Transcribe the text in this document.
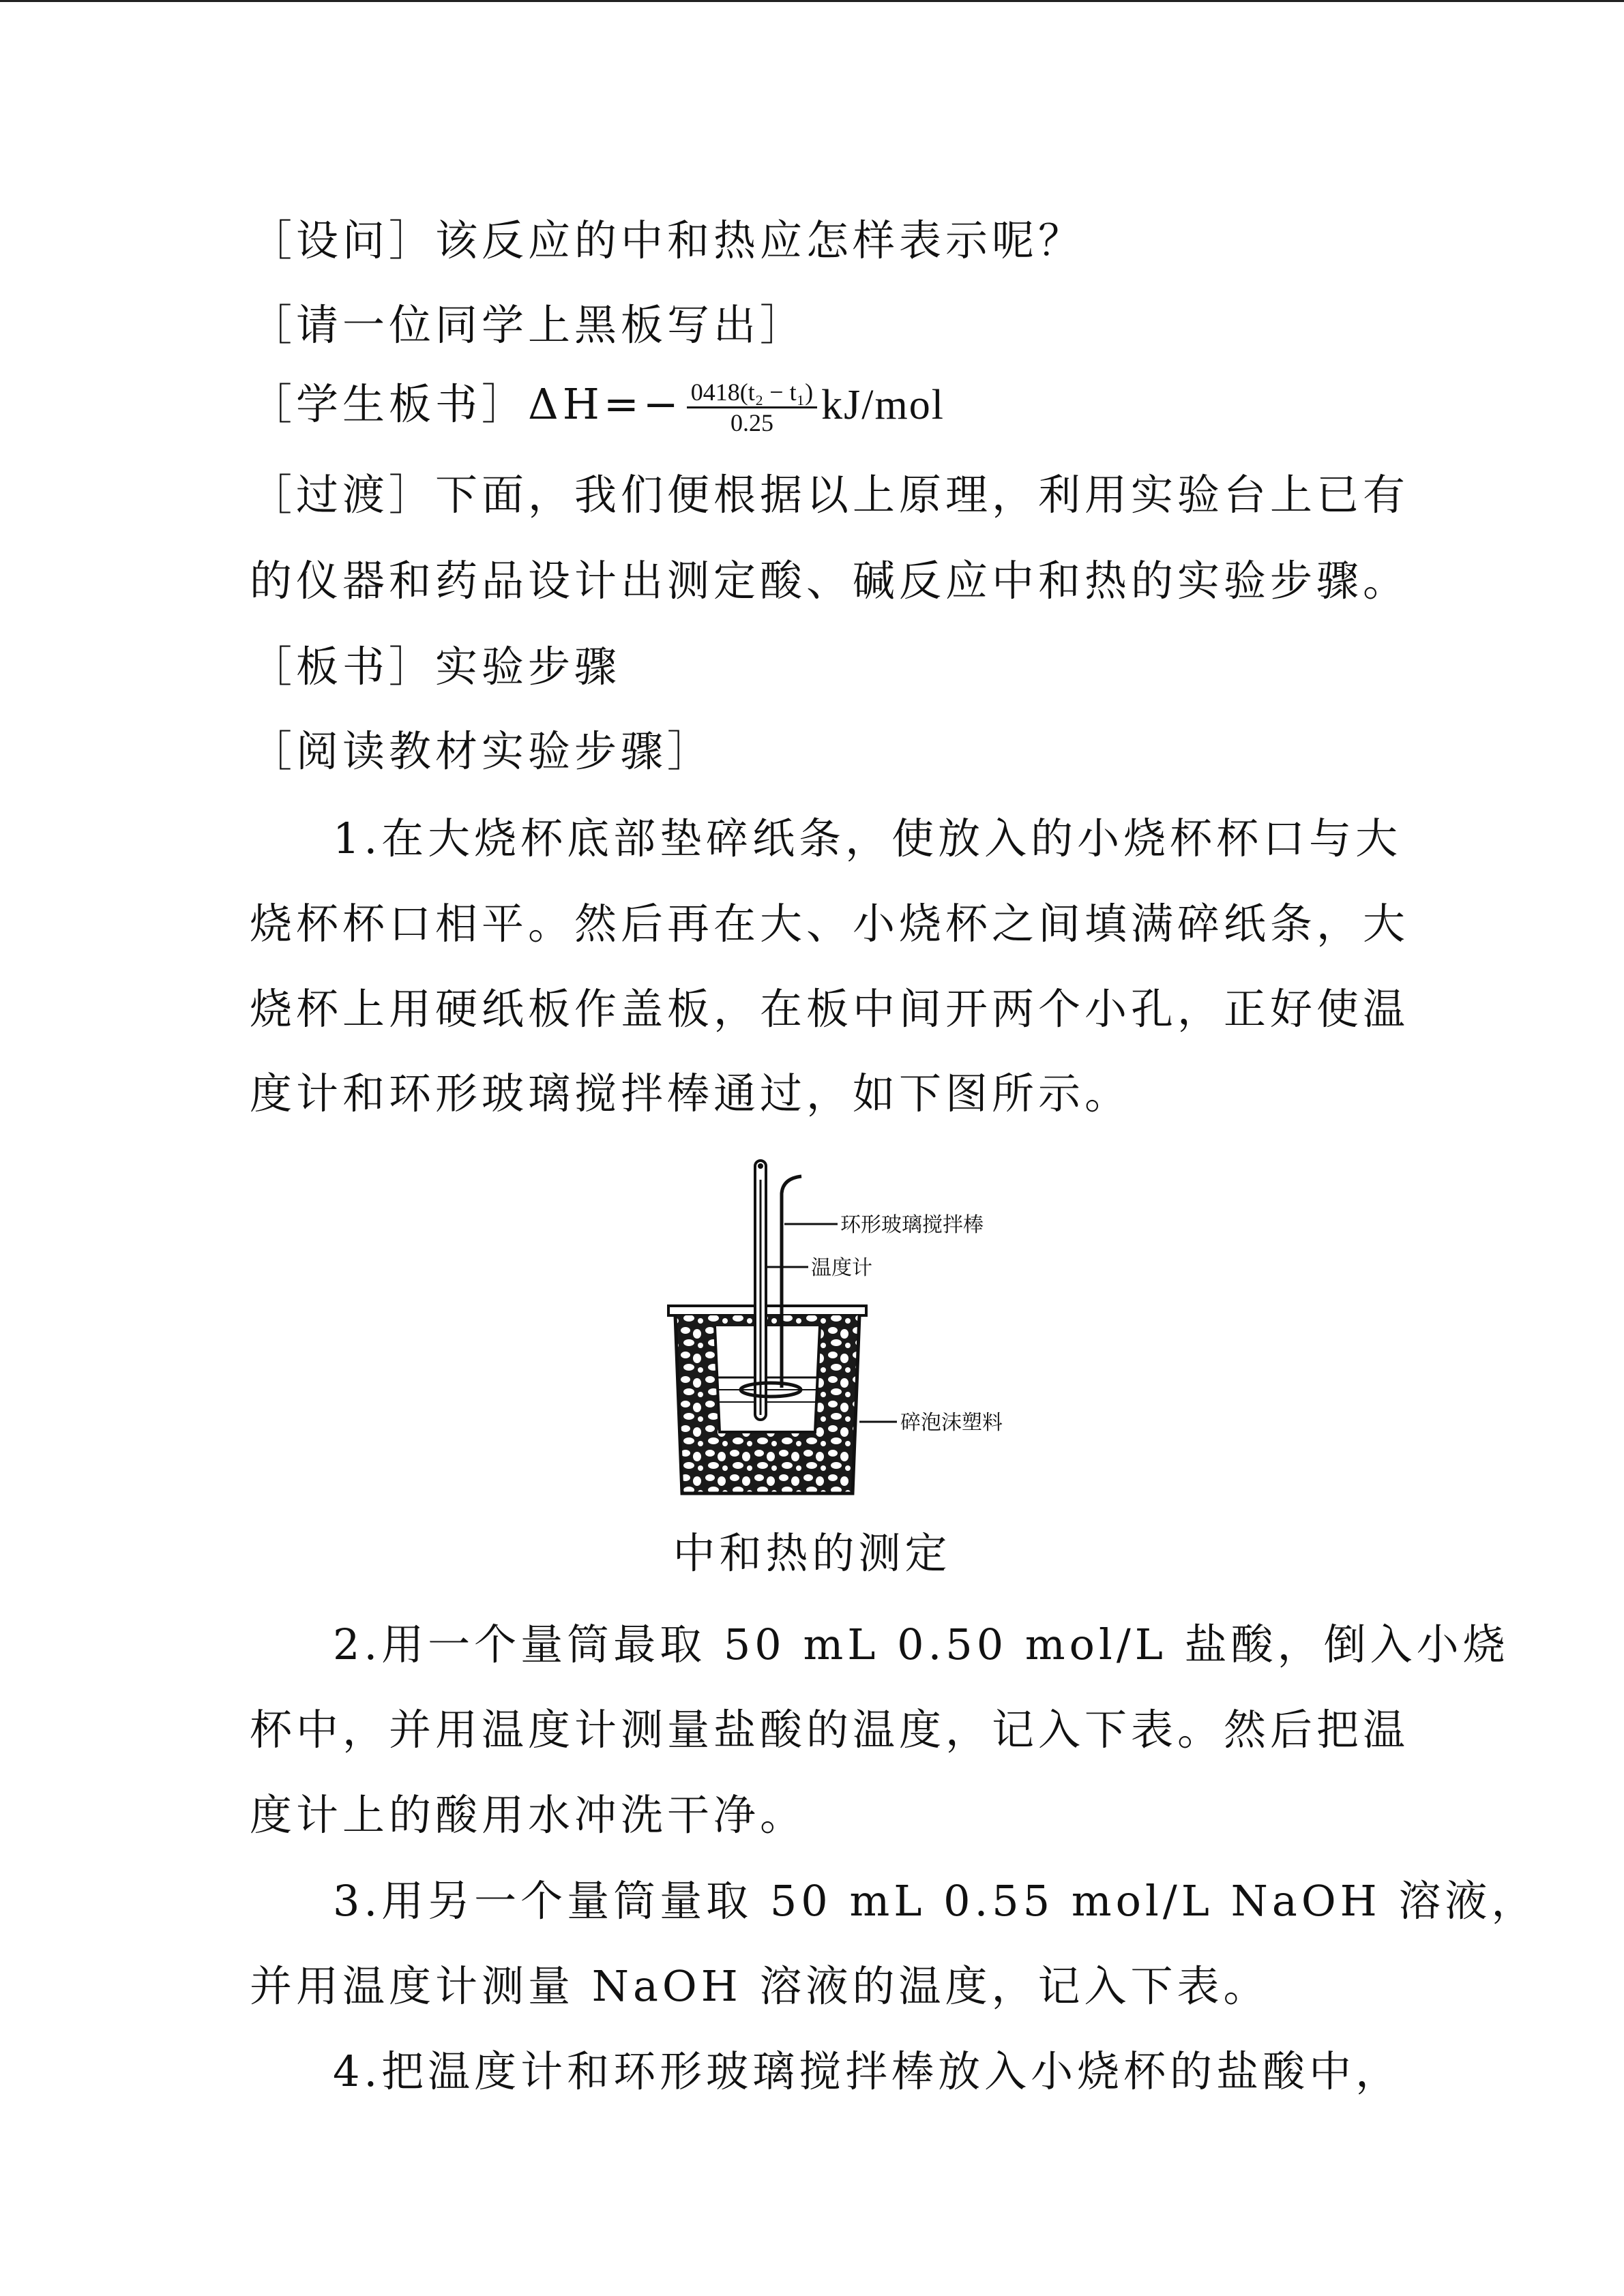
［设问］该反应的中和热应怎样表示呢？
［请一位同学上黑板写出］
［学生板书］ΔH=− $\frac{\text{0418(t₂ − t₁)}}{0.25} kJ/mol$
［过渡］下面，我们便根据以上原理，利用实验台上已有
的仪器和药品设计出测定酸、碱反应中和热的实验步骤。
［板书］实验步骤
［阅读教材实验步骤］
1.在大烧杯底部垫碎纸条，使放入的小烧杯杯口与大
烧杯杯口相平。然后再在大、小烧杯之间填满碎纸条，大
烧杯上用硬纸板作盖板，在板中间开两个小孔，正好使温
度计和环形玻璃搅拌棒通过，如下图所示。
环形玻璃搅拌棒
温度计
碎泡沫塑料
中和热的测定
2.用一个量筒最取 50 mL 0.50 mol/L 盐酸，倒入小烧
杯中，并用温度计测量盐酸的温度，记入下表。然后把温
度计上的酸用水冲洗干净。
3.用另一个量筒量取 50 mL 0.55 mol/L NaOH 溶液，
并用温度计测量 NaOH 溶液的温度，记入下表。
4.把温度计和环形玻璃搅拌棒放入小烧杯的盐酸中，
